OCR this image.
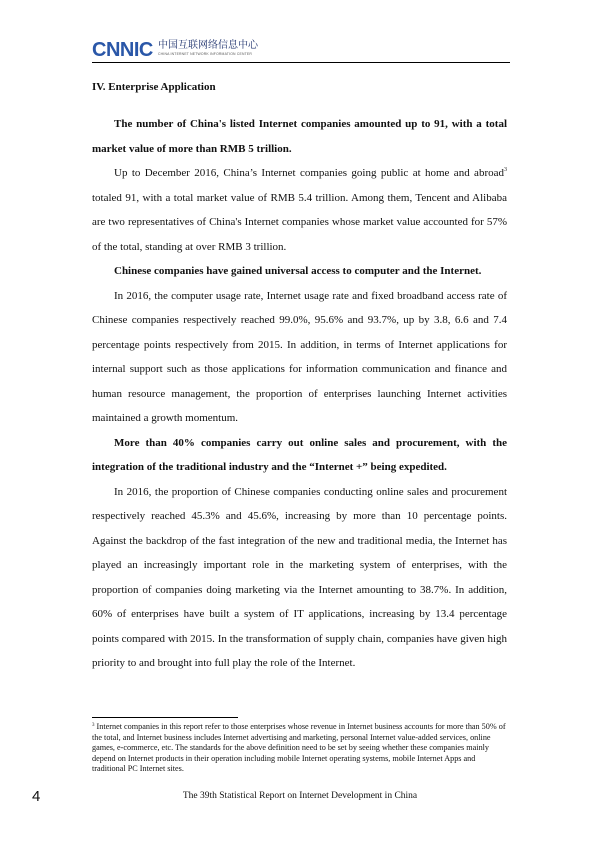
CNNIC 中国互联网络信息中心
CHINA INTERNET NETWORK INFORMATION CENTER
IV. Enterprise Application

The number of China's listed Internet companies amounted up to 91, with a total market value of more than RMB 5 trillion.

Up to December 2016, China’s Internet companies going public at home and abroad$^3$ totaled 91, with a total market value of RMB 5.4 trillion. Among them, Tencent and Alibaba are two representatives of China's Internet companies whose market value accounted for 57% of the total, standing at over RMB 3 trillion.

Chinese companies have gained universal access to computer and the Internet.

In 2016, the computer usage rate, Internet usage rate and fixed broadband access rate of Chinese companies respectively reached 99.0%, 95.6% and 93.7%, up by 3.8, 6.6 and 7.4 percentage points respectively from 2015. In addition, in terms of Internet applications for internal support such as those applications for information communication and finance and human resource management, the proportion of enterprises launching Internet activities maintained a growth momentum.

More than 40% companies carry out online sales and procurement, with the integration of the traditional industry and the “Internet +” being expedited.

In 2016, the proportion of Chinese companies conducting online sales and procurement respectively reached 45.3% and 45.6%, increasing by more than 10 percentage points. Against the backdrop of the fast integration of the new and traditional media, the Internet has played an increasingly important role in the marketing system of enterprises, with the proportion of companies doing marketing via the Internet amounting to 38.7%. In addition, 60% of enterprises have built a system of IT applications, increasing by 13.4 percentage points compared with 2015. In the transformation of supply chain, companies have given high priority to and brought into full play the role of the Internet.

$^3$ Internet companies in this report refer to those enterprises whose revenue in Internet business accounts for more than 50% of the total, and Internet business includes Internet advertising and marketing, personal Internet value-added services, online games, e-commerce, etc. The standards for the above definition need to be set by seeing whether these companies mainly depend on Internet products in their operation including mobile Internet operating systems, mobile Internet Apps and traditional PC Internet sites.
4	The 39th Statistical Report on Internet Development in China
